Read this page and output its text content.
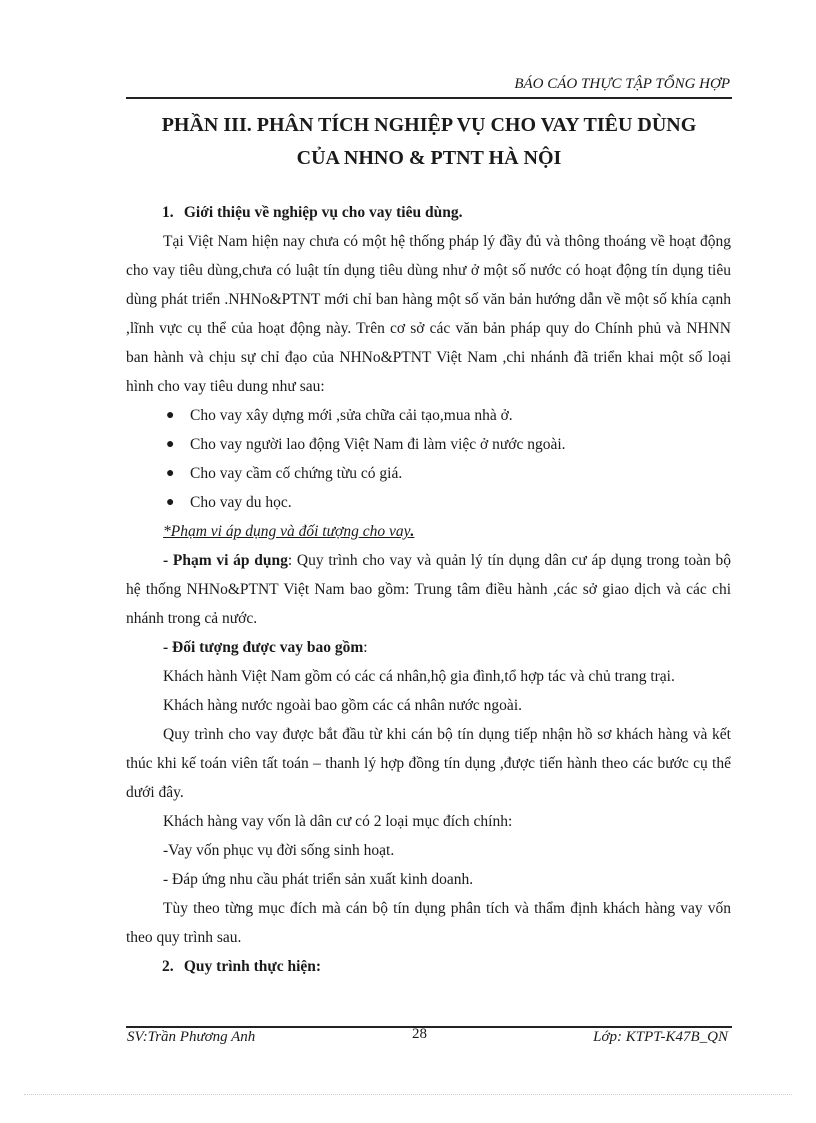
BÁO CÁO THỰC TẬP TỔNG HỢP
PHẦN III. PHÂN TÍCH NGHIỆP VỤ CHO VAY TIÊU DÙNG
CỦA NHNO & PTNT HÀ NỘI

1. Giới thiệu về nghiệp vụ cho vay tiêu dùng.

Tại Việt Nam hiện nay chưa có một hệ thống pháp lý đầy đủ và thông thoáng về hoạt động cho vay tiêu dùng,chưa có luật tín dụng tiêu dùng như ở một số nước có hoạt động tín dụng tiêu dùng phát triển .NHNo&PTNT mới chỉ ban hàng một số văn bản hướng dẫn về một số khía cạnh ,lĩnh vực cụ thể của hoạt động này. Trên cơ sở các văn bản pháp quy do Chính phủ và NHNN ban hành và chịu sự chỉ đạo của NHNo&PTNT Việt Nam ,chi nhánh đã triển khai một số loại hình cho vay tiêu dung như sau:

● Cho vay xây dựng mới ,sửa chữa cải tạo,mua nhà ở.

● Cho vay người lao động Việt Nam đi làm việc ở nước ngoài.

● Cho vay cầm cố chứng từu có giá.

● Cho vay du học.

*Phạm vi áp dụng và đối tượng cho vay.

- Phạm vi áp dụng: Quy trình cho vay và quản lý tín dụng dân cư áp dụng trong toàn bộ hệ thống NHNo&PTNT Việt Nam bao gồm: Trung tâm điều hành ,các sở giao dịch và các chi nhánh trong cả nước.

- Đối tượng được vay bao gồm:

Khách hành Việt Nam gồm có các cá nhân,hộ gia đình,tổ hợp tác và chủ trang trại.

Khách hàng nước ngoài bao gồm các cá nhân nước ngoài.

Quy trình cho vay được bắt đầu từ khi cán bộ tín dụng tiếp nhận hồ sơ khách hàng và kết thúc khi kế toán viên tất toán – thanh lý hợp đồng tín dụng ,được tiến hành theo các bước cụ thể dưới đây.

Khách hàng vay vốn là dân cư có 2 loại mục đích chính:

-Vay vốn phục vụ đời sống sinh hoạt.

- Đáp ứng nhu cầu phát triển sản xuất kinh doanh.

Tùy theo từng mục đích mà cán bộ tín dụng phân tích và thẩm định khách hàng vay vốn theo quy trình sau.

2. Quy trình thực hiện:

SV:Trần Phương Anh	28	Lớp: KTPT-K47B_QN
